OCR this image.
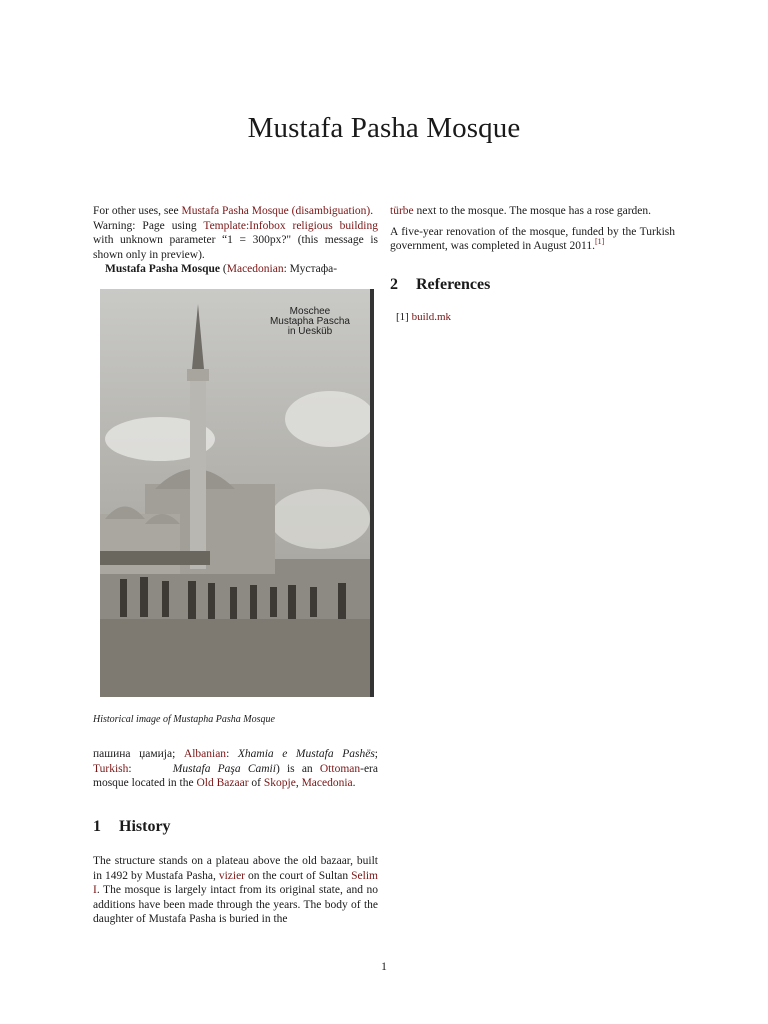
Mustafa Pasha Mosque

For other uses, see Mustafa Pasha Mosque (disambiguation).

Warning: Page using Template:Infobox religious building with unknown parameter “1 = 300px?" (this message is shown only in preview).

Mustafa Pasha Mosque (Macedonian: Мустафа-

Moschee
Mustapha Pascha
in Uesküb

Historical image of Mustapha Pasha Mosque

пашина џамија; Albanian: Xhamia e Mustafa Pashës; Turkish:	Mustafa Paşa Camii) is an Ottoman-era mosque located in the Old Bazaar of Skopje, Macedonia.

1 History

The structure stands on a plateau above the old bazaar, built in 1492 by Mustafa Pasha, vizier on the court of Sultan Selim I. The mosque is largely intact from its original state, and no additions have been made through the years. The body of the daughter of Mustafa Pasha is buried in the

türbe next to the mosque. The mosque has a rose garden.

A five-year renovation of the mosque, funded by the Turkish government, was completed in August 2011.[1]

2 References
[1] build.mk
1
